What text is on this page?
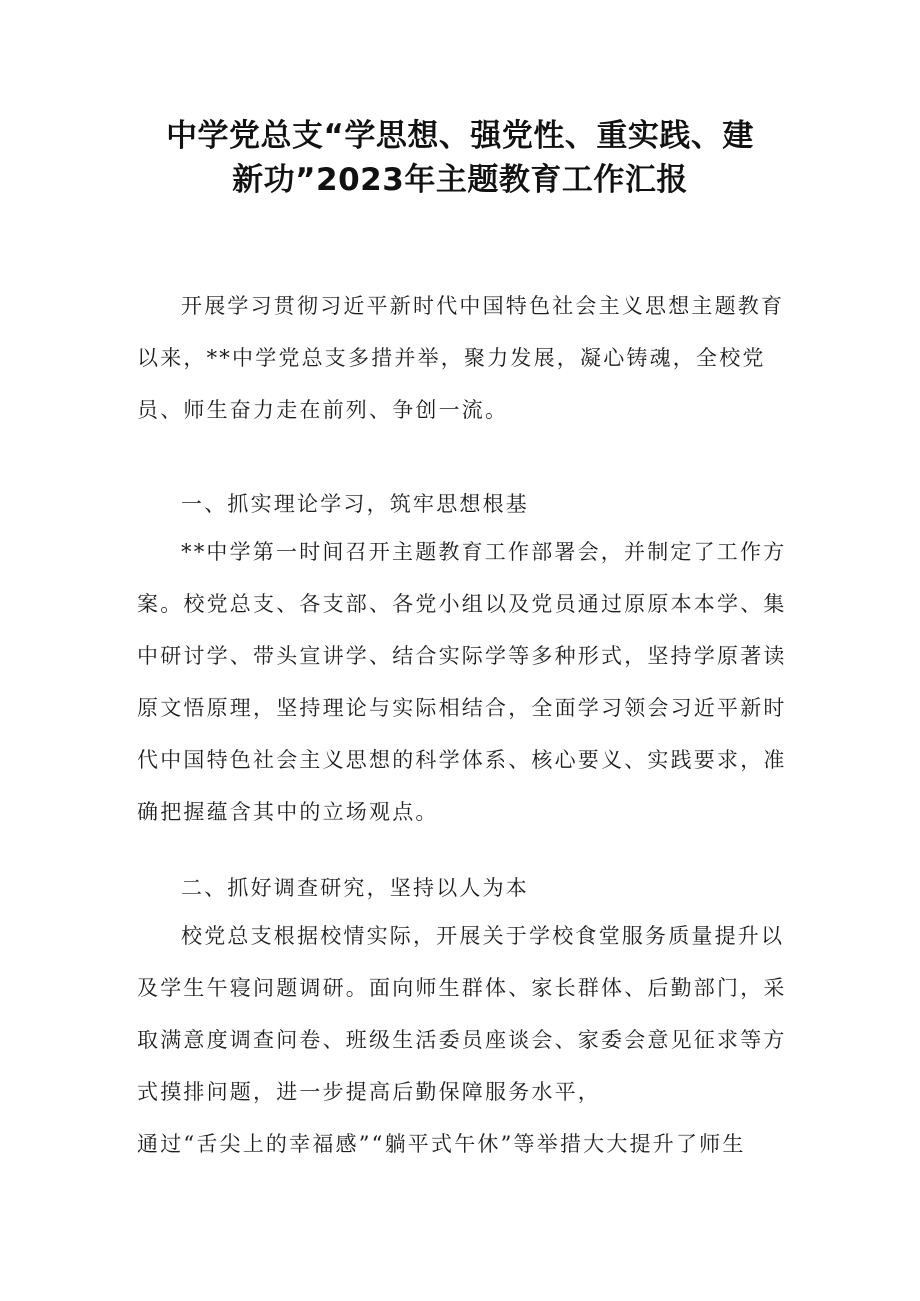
中学党总支“学思想、强党性、重实践、建
新功”2023年主题教育工作汇报
开展学习贯彻习近平新时代中国特色社会主义思想主题教育
以来，**中学党总支多措并举，聚力发展，凝心铸魂，全校党
员、师生奋力走在前列、争创一流。
一、抓实理论学习，筑牢思想根基
**中学第一时间召开主题教育工作部署会，并制定了工作方
案。校党总支、各支部、各党小组以及党员通过原原本本学、集
中研讨学、带头宣讲学、结合实际学等多种形式，坚持学原著读
原文悟原理，坚持理论与实际相结合，全面学习领会习近平新时
代中国特色社会主义思想的科学体系、核心要义、实践要求，准
确把握蕴含其中的立场观点。
二、抓好调查研究，坚持以人为本
校党总支根据校情实际，开展关于学校食堂服务质量提升以
及学生午寝问题调研。面向师生群体、家长群体、后勤部门，采
取满意度调查问卷、班级生活委员座谈会、家委会意见征求等方
式摸排问题，进一步提高后勤保障服务水平，
通过“舌尖上的幸福感”“躺平式午休”等举措大大提升了师生
